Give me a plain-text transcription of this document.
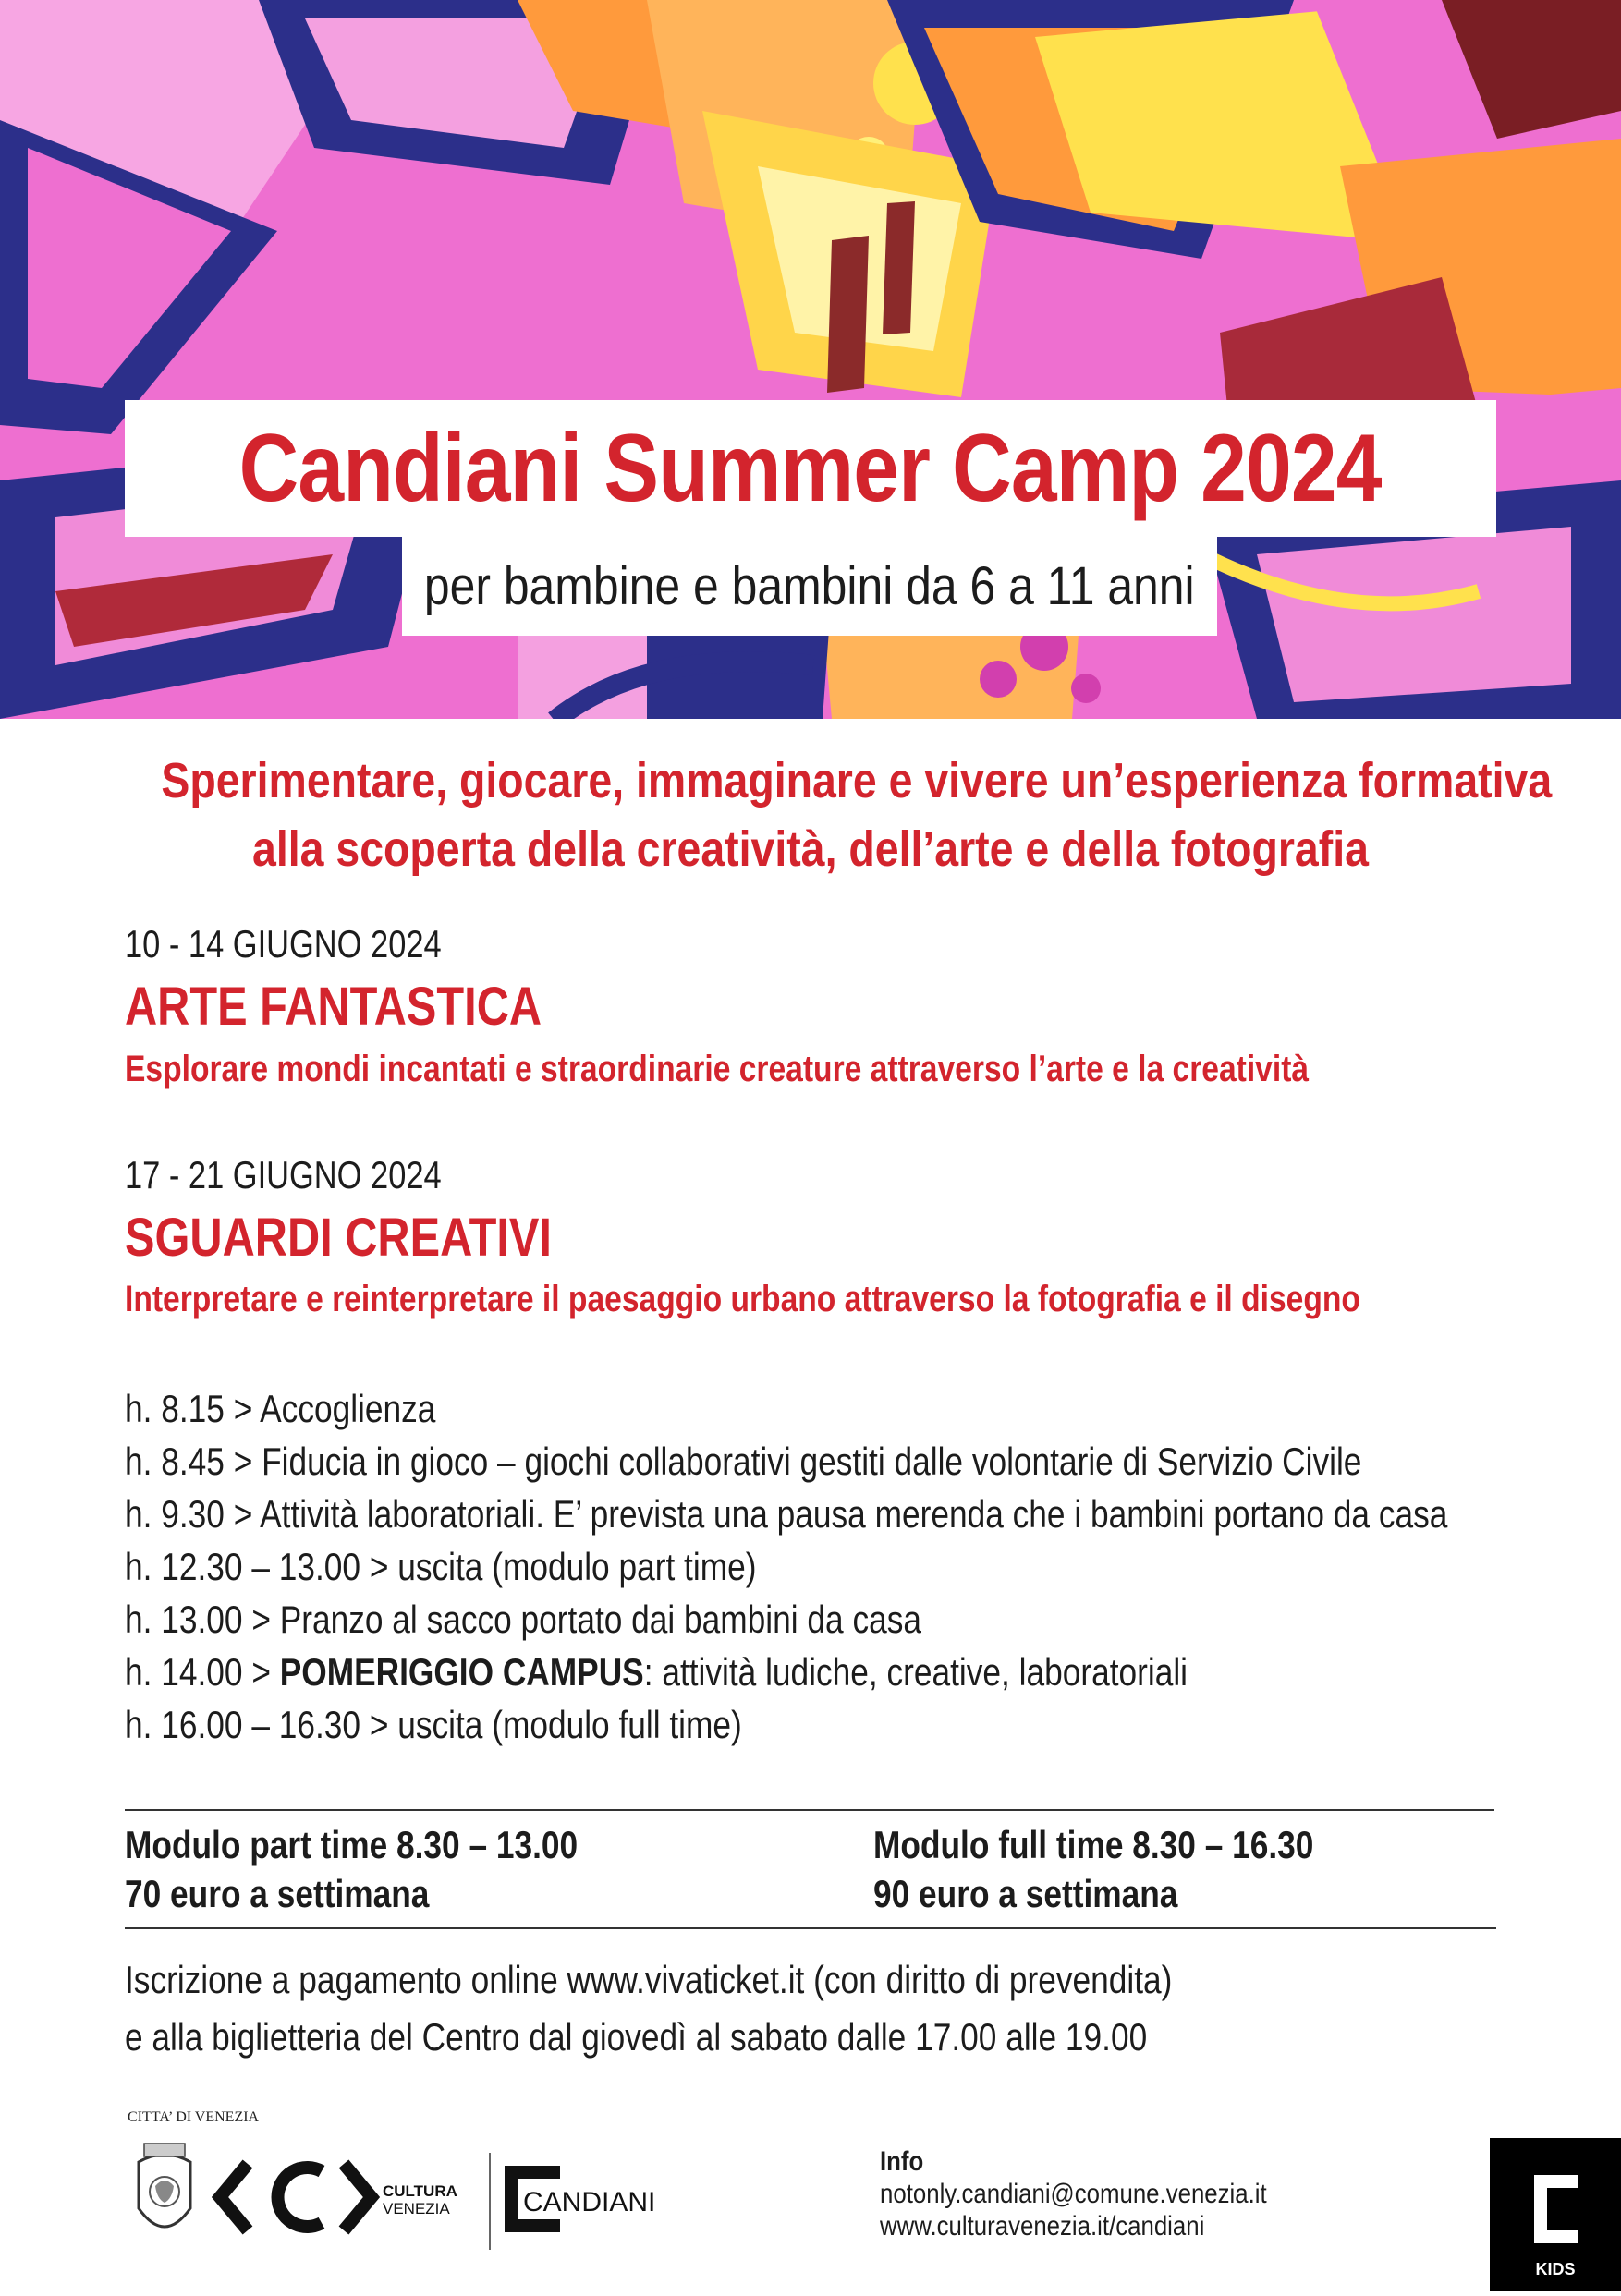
Candiani Summer Camp 2024
per bambine e bambini da 6 a 11 anni
Sperimentare, giocare, immaginare e vivere un’esperienza formativa
alla scoperta della creatività, dell’arte e della fotografia
10 - 14 GIUGNO 2024
ARTE FANTASTICA
Esplorare mondi incantati e straordinarie creature attraverso l’arte e la creatività
17 - 21 GIUGNO 2024
SGUARDI CREATIVI
Interpretare e reinterpretare il paesaggio urbano attraverso la fotografia e il disegno
h. 8.15 > Accoglienza
h. 8.45 > Fiducia in gioco – giochi collaborativi gestiti dalle volontarie di Servizio Civile
h. 9.30 > Attività laboratoriali. E’ prevista una pausa merenda che i bambini portano da casa
h. 12.30 – 13.00 > uscita (modulo part time)
h. 13.00 > Pranzo al sacco portato dai bambini da casa
h. 14.00 > POMERIGGIO CAMPUS: attività ludiche, creative, laboratoriali
h. 16.00 – 16.30 > uscita (modulo full time)
Modulo part time 8.30 – 13.00
70 euro a settimana
Modulo full time 8.30 – 16.30
90 euro a settimana
Iscrizione a pagamento online www.vivaticket.it (con diritto di prevendita)
e alla biglietteria del Centro dal giovedì al sabato dalle 17.00 alle 19.00
CITTA’ DI VENEZIA
CULTURA
VENEZIA	CANDIANI
Info
notonly.candiani@comune.venezia.it
www.culturavenezia.it/candiani
KIDS
